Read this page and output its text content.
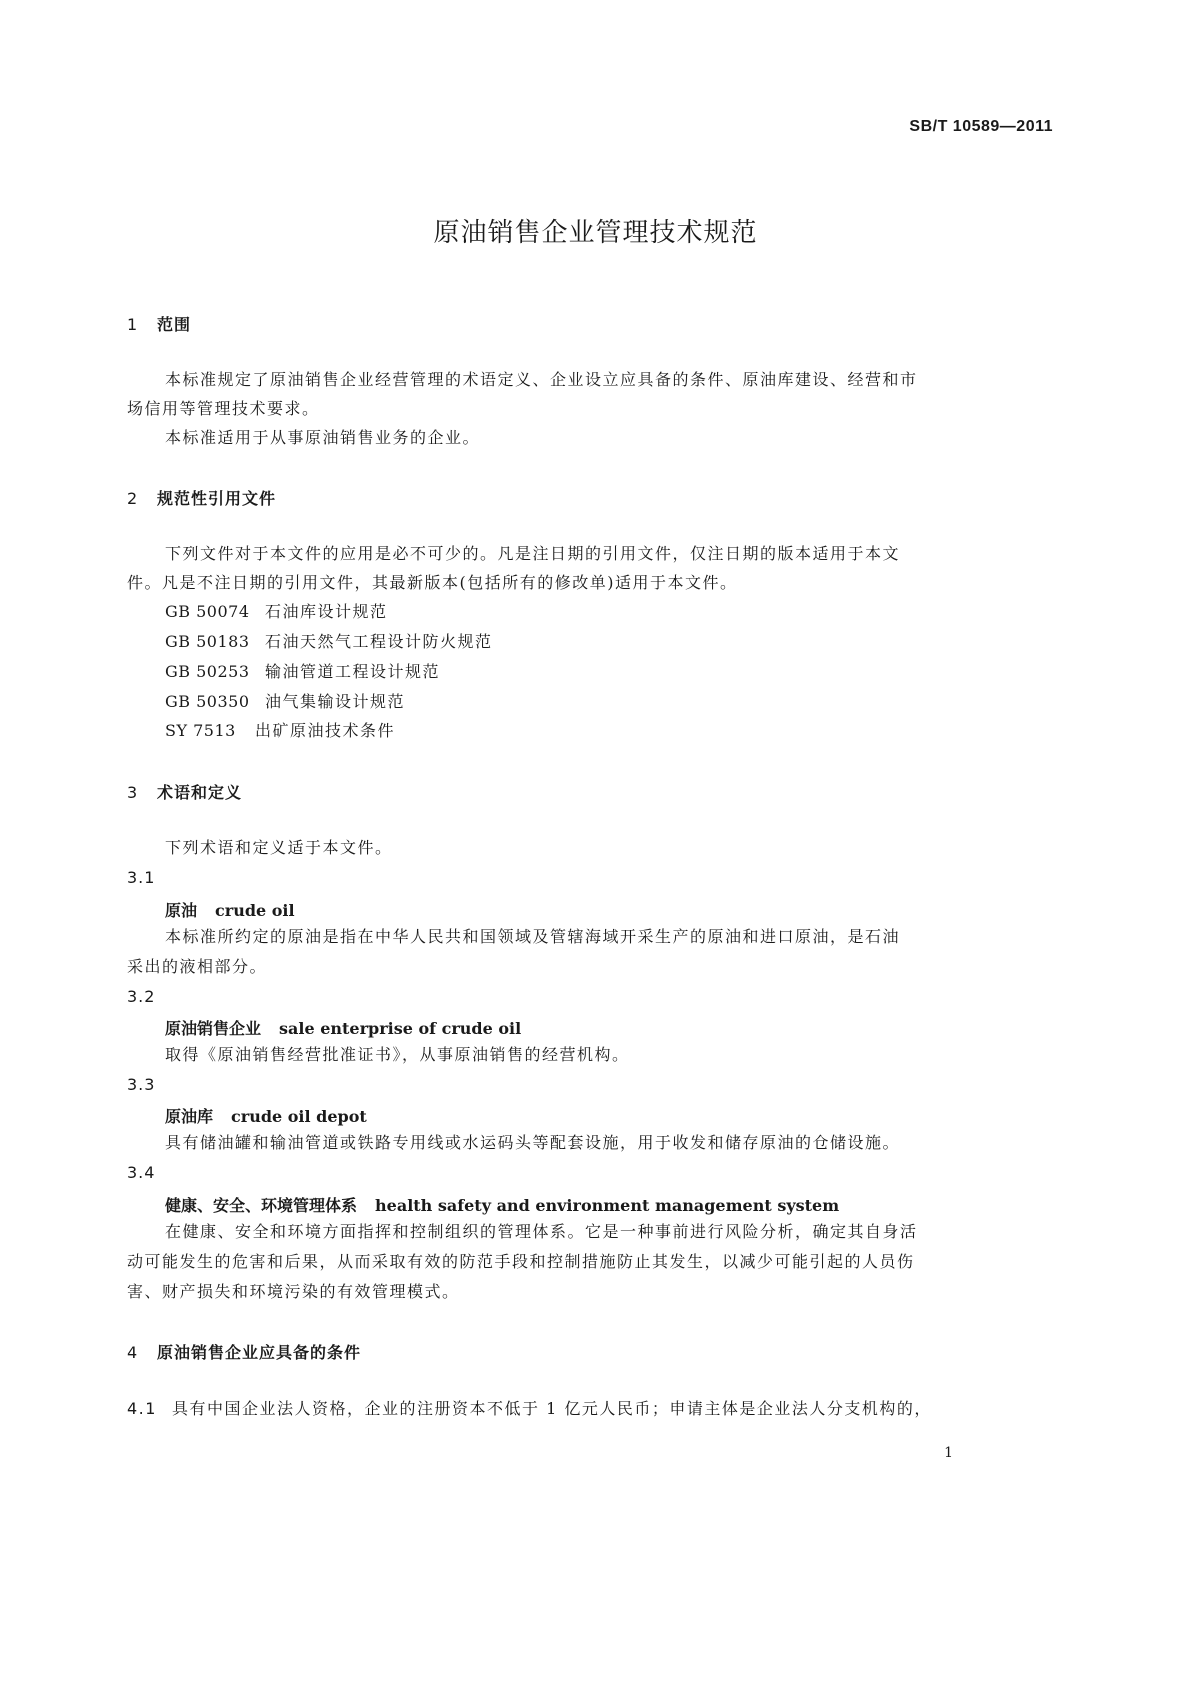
SB/T 10589—2011
原油销售企业管理技术规范
1 范围
本标准规定了原油销售企业经营管理的术语定义、企业设立应具备的条件、原油库建设、经营和市
场信用等管理技术要求。
本标准适用于从事原油销售业务的企业。
2 规范性引用文件
下列文件对于本文件的应用是必不可少的。凡是注日期的引用文件，仅注日期的版本适用于本文
件。凡是不注日期的引用文件，其最新版本(包括所有的修改单)适用于本文件。
GB 50074 石油库设计规范
GB 50183 石油天然气工程设计防火规范
GB 50253 输油管道工程设计规范
GB 50350 油气集输设计规范
SY 7513 出矿原油技术条件
3 术语和定义
下列术语和定义适于本文件。
3.1
原油 crude oil
本标准所约定的原油是指在中华人民共和国领域及管辖海域开采生产的原油和进口原油，是石油
采出的液相部分。
3.2
原油销售企业 sale enterprise of crude oil
取得《原油销售经营批准证书》，从事原油销售的经营机构。
3.3
原油库 crude oil depot
具有储油罐和输油管道或铁路专用线或水运码头等配套设施，用于收发和储存原油的仓储设施。
3.4
健康、安全、环境管理体系 health safety and environment management system
在健康、安全和环境方面指挥和控制组织的管理体系。它是一种事前进行风险分析，确定其自身活
动可能发生的危害和后果，从而采取有效的防范手段和控制措施防止其发生，以减少可能引起的人员伤
害、财产损失和环境污染的有效管理模式。
4 原油销售企业应具备的条件
4.1 具有中国企业法人资格，企业的注册资本不低于 1 亿元人民币；申请主体是企业法人分支机构的，
1
